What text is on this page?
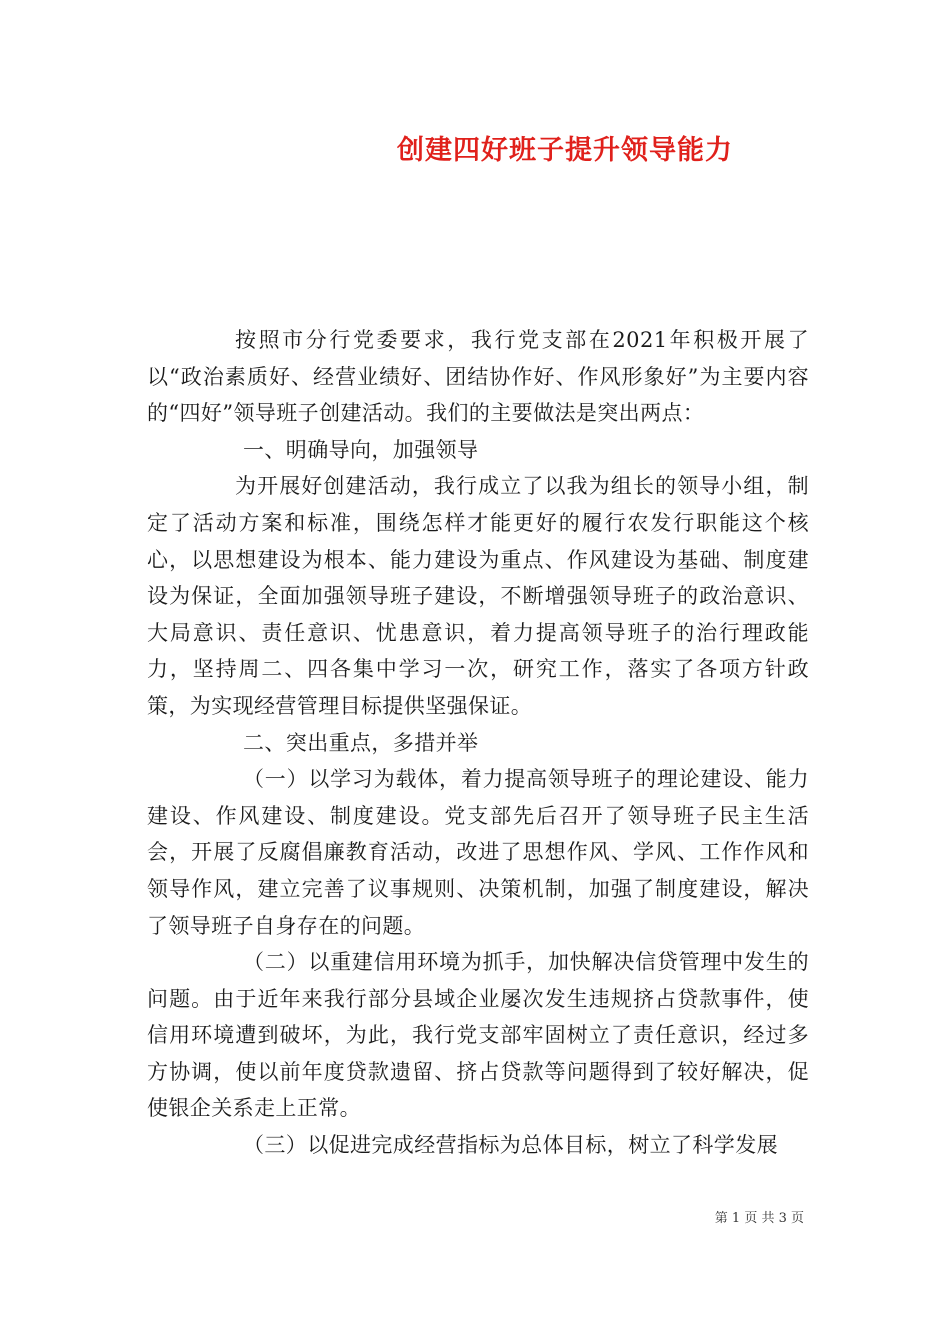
创建四好班子提升领导能力

按照市分行党委要求，我行党支部在2021年积极开展了以“政治素质好、经营业绩好、团结协作好、作风形象好”为主要内容的“四好”领导班子创建活动。我们的主要做法是突出两点：

一、明确导向，加强领导

为开展好创建活动，我行成立了以我为组长的领导小组，制定了活动方案和标准，围绕怎样才能更好的履行农发行职能这个核心，以思想建设为根本、能力建设为重点、作风建设为基础、制度建设为保证，全面加强领导班子建设，不断增强领导班子的政治意识、大局意识、责任意识、忧患意识，着力提高领导班子的治行理政能力，坚持周二、四各集中学习一次，研究工作，落实了各项方针政策，为实现经营管理目标提供坚强保证。

二、突出重点，多措并举

（一）以学习为载体，着力提高领导班子的理论建设、能力建设、作风建设、制度建设。党支部先后召开了领导班子民主生活会，开展了反腐倡廉教育活动，改进了思想作风、学风、工作作风和领导作风，建立完善了议事规则、决策机制，加强了制度建设，解决了领导班子自身存在的问题。

（二）以重建信用环境为抓手，加快解决信贷管理中发生的问题。由于近年来我行部分县域企业屡次发生违规挤占贷款事件，使信用环境遭到破坏，为此，我行党支部牢固树立了责任意识，经过多方协调，使以前年度贷款遗留、挤占贷款等问题得到了较好解决，促使银企关系走上正常。

（三）以促进完成经营指标为总体目标，树立了科学发展

第 1 页 共 3 页
